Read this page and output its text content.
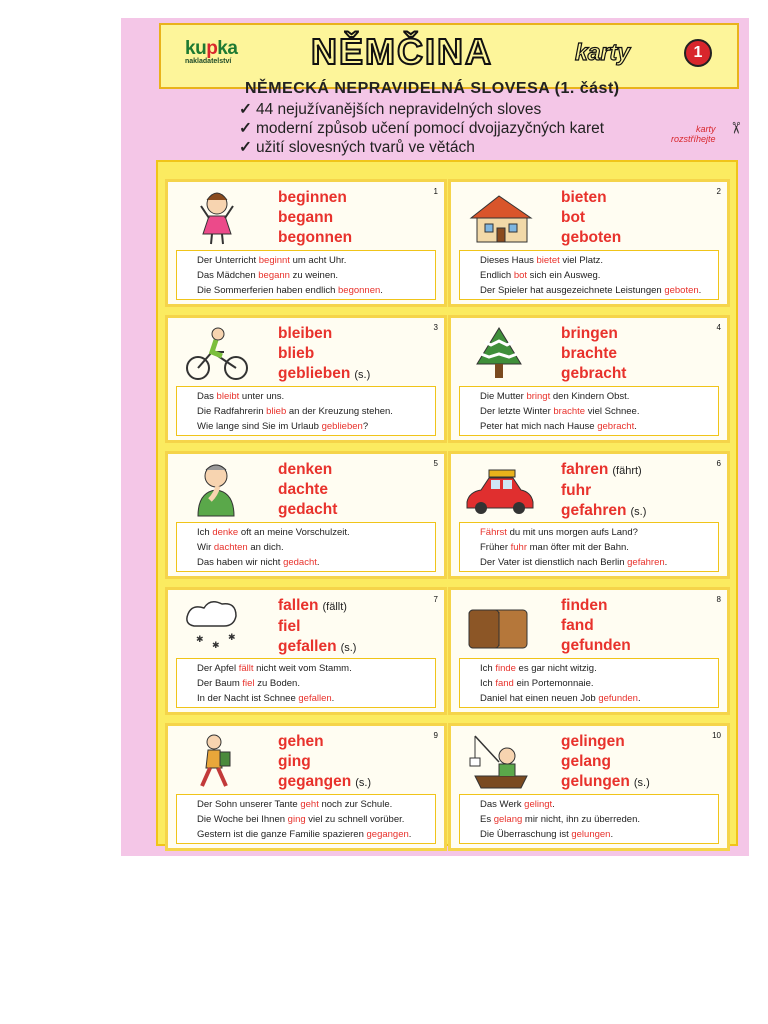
kupka
nakladatelství NĚMČINA	karty	1
NĚMECKÁ NEPRAVIDELNÁ SLOVESA (1. část)
✓ 44 nejužívanějších nepravidelných sloves
✓ moderní způsob učení pomocí dvojjazyčných karet
✓ užití slovesných tvarů ve větách
karty
rozstříhejte
✂
1
beginnen
begann
begonnen
Der Unterricht beginnt um acht Uhr.
Das Mädchen begann zu weinen.
Die Sommerferien haben endlich begonnen.
2
bieten
bot
geboten
Dieses Haus bietet viel Platz.
Endlich bot sich ein Ausweg.
Der Spieler hat ausgezeichnete Leistungen geboten.
3
bleiben
blieb
geblieben (s.)
Das bleibt unter uns.
Die Radfahrerin blieb an der Kreuzung stehen.
Wie lange sind Sie im Urlaub geblieben?
4
bringen
brachte
gebracht
Die Mutter bringt den Kindern Obst.
Der letzte Winter brachte viel Schnee.
Peter hat mich nach Hause gebracht.
5
denken
dachte
gedacht
Ich denke oft an meine Vorschulzeit.
Wir dachten an dich.
Das haben wir nicht gedacht.
6
fahren (fährt)
fuhr
gefahren (s.)
Fährst du mit uns morgen aufs Land?
Früher fuhr man öfter mit der Bahn.
Der Vater ist dienstlich nach Berlin gefahren.
7
fallen (fällt)
fiel
gefallen (s.)
Der Apfel fällt nicht weit vom Stamm.
Der Baum fiel zu Boden.
In der Nacht ist Schnee gefallen.
8
finden
fand
gefunden
Ich finde es gar nicht witzig.
Ich fand ein Portemonnaie.
Daniel hat einen neuen Job gefunden.
9
gehen
ging
gegangen (s.)
Der Sohn unserer Tante geht noch zur Schule.
Die Woche bei Ihnen ging viel zu schnell vorüber.
Gestern ist die ganze Familie spazieren gegangen.
10
gelingen
gelang
gelungen (s.)
Das Werk gelingt.
Es gelang mir nicht, ihn zu überreden.
Die Überraschung ist gelungen.
